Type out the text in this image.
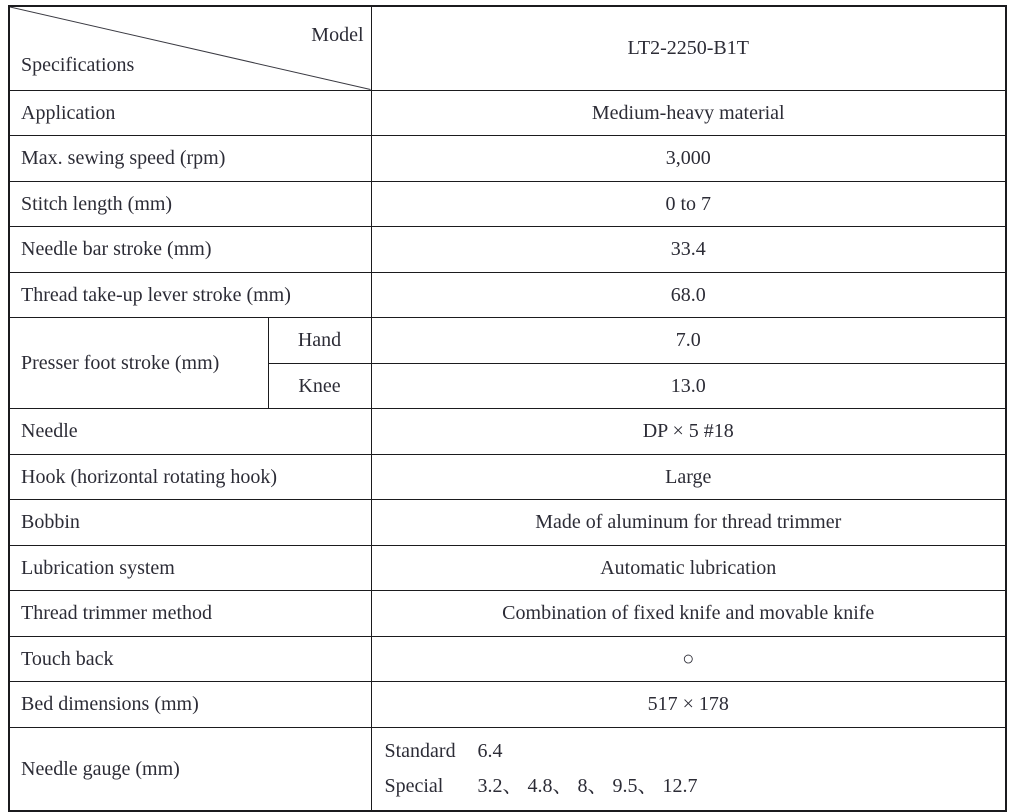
Model
Specifications		LT2-2250-B1T
Application		Medium-heavy material
Max. sewing speed (rpm)		3,000
Stitch length (mm)		0 to 7
Needle bar stroke (mm)		33.4
Thread take-up lever stroke (mm)		68.0
Presser foot stroke (mm)	Hand	7.0
	Knee	13.0
Needle		DP × 5 #18
Hook (horizontal rotating hook)		Large
Bobbin		Made of aluminum for thread trimmer
Lubrication system		Automatic lubrication
Thread trimmer method		Combination of fixed knife and movable knife
Touch back		○
Bed dimensions (mm)		517 × 178
Needle gauge (mm)		Standard 6.4
Special 3.2、 4.8、 8、 9.5、 12.7
